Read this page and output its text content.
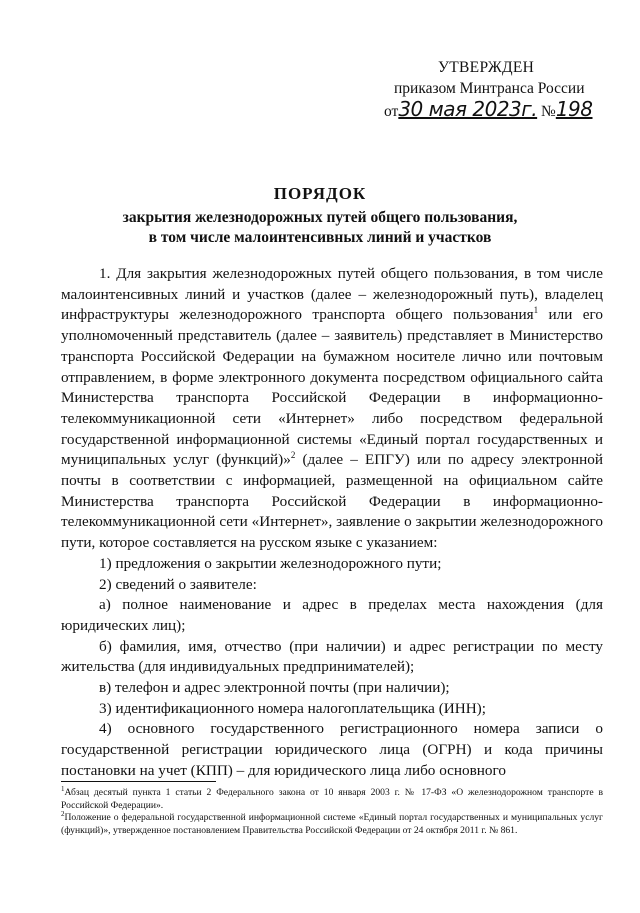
УТВЕРЖДЕН
приказом Минтранса России
от30 мая 2023г. №198
ПОРЯДОК
закрытия железнодорожных путей общего пользования,
в том числе малоинтенсивных линий и участков

1. Для закрытия железнодорожных путей общего пользования, в том числе малоинтенсивных линий и участков (далее – железнодорожный путь), владелец инфраструктуры железнодорожного транспорта общего пользования$^1$ или его уполномоченный представитель (далее – заявитель) представляет в Министерство транспорта Российской Федерации на бумажном носителе лично или почтовым отправлением, в форме электронного документа посредством официального сайта Министерства транспорта Российской Федерации в информационно-телекоммуникационной сети «Интернет» либо посредством федеральной государственной информационной системы «Единый портал государственных и муниципальных услуг (функций)»$^2$ (далее – ЕПГУ) или по адресу электронной почты в соответствии с информацией, размещенной на официальном сайте Министерства транспорта Российской Федерации в информационно-телекоммуникационной сети «Интернет», заявление о закрытии железнодорожного пути, которое составляется на русском языке с указанием:

1) предложения о закрытии железнодорожного пути;

2) сведений о заявителе:

а) полное наименование и адрес в пределах места нахождения (для юридических лиц);

б) фамилия, имя, отчество (при наличии) и адрес регистрации по месту жительства (для индивидуальных предпринимателей);

в) телефон и адрес электронной почты (при наличии);

3) идентификационного номера налогоплательщика (ИНН);

4) основного государственного регистрационного номера записи о государственной регистрации юридического лица (ОГРН) и кода причины постановки на учет (КПП) – для юридического лица либо основного

$^1$Абзац десятый пункта 1 статьи 2 Федерального закона от 10 января 2003 г. № 17-ФЗ «О железнодорожном транспорте в Российской Федерации».

$^2$Положение о федеральной государственной информационной системе «Единый портал государственных и муниципальных услуг (функций)», утвержденное постановлением Правительства Российской Федерации от 24 октября 2011 г. № 861.
